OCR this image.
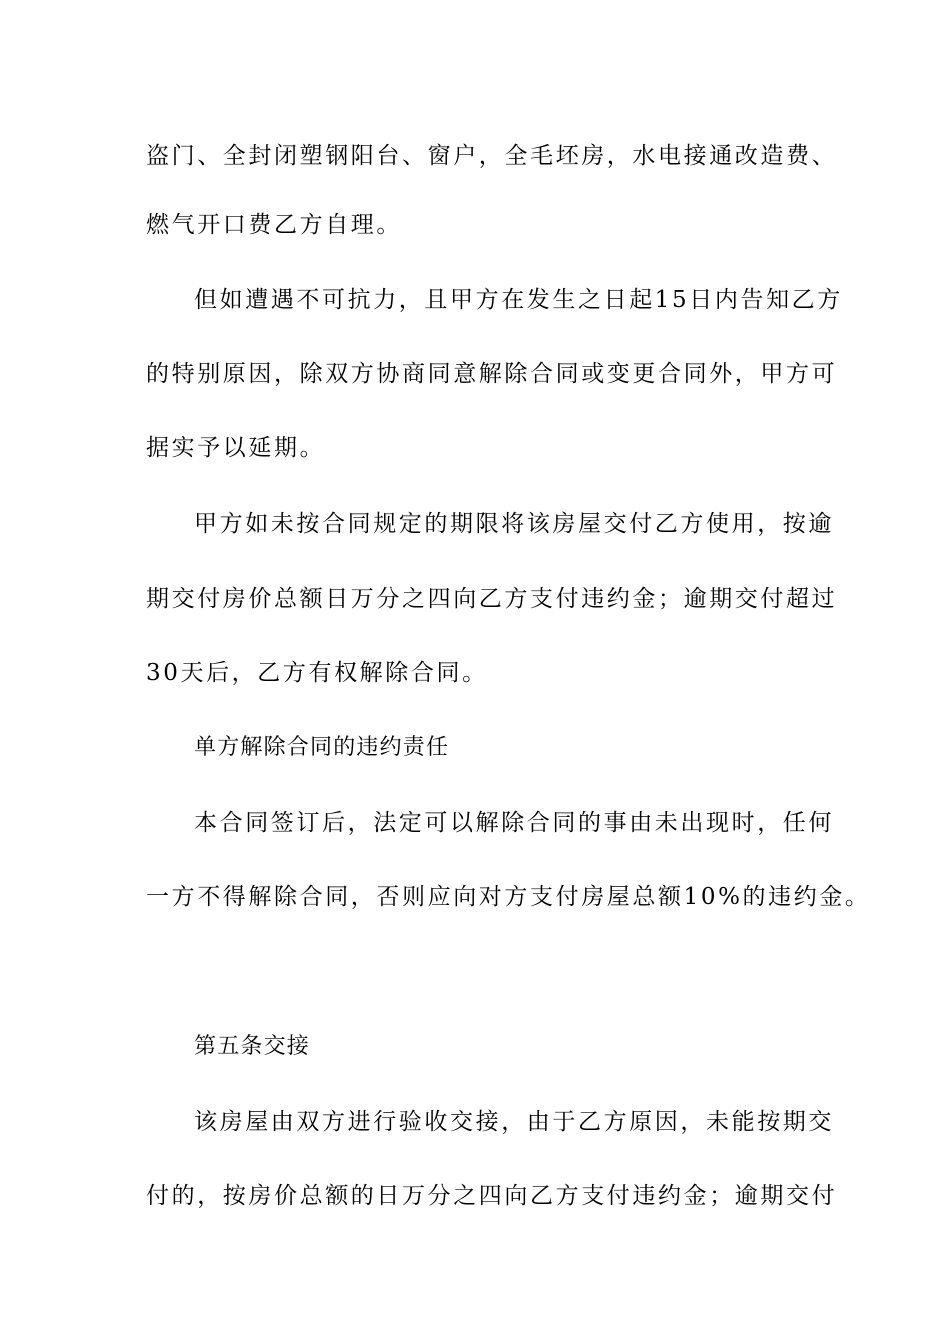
盗门、全封闭塑钢阳台、窗户，全毛坯房，水电接通改造费、
燃气开口费乙方自理。
但如遭遇不可抗力，且甲方在发生之日起15日内告知乙方
的特别原因，除双方协商同意解除合同或变更合同外，甲方可
据实予以延期。
甲方如未按合同规定的期限将该房屋交付乙方使用，按逾
期交付房价总额日万分之四向乙方支付违约金；逾期交付超过
30天后，乙方有权解除合同。
单方解除合同的违约责任
本合同签订后，法定可以解除合同的事由未出现时，任何
一方不得解除合同，否则应向对方支付房屋总额10%的违约金。
第五条交接
该房屋由双方进行验收交接，由于乙方原因，未能按期交
付的，按房价总额的日万分之四向乙方支付违约金；逾期交付
